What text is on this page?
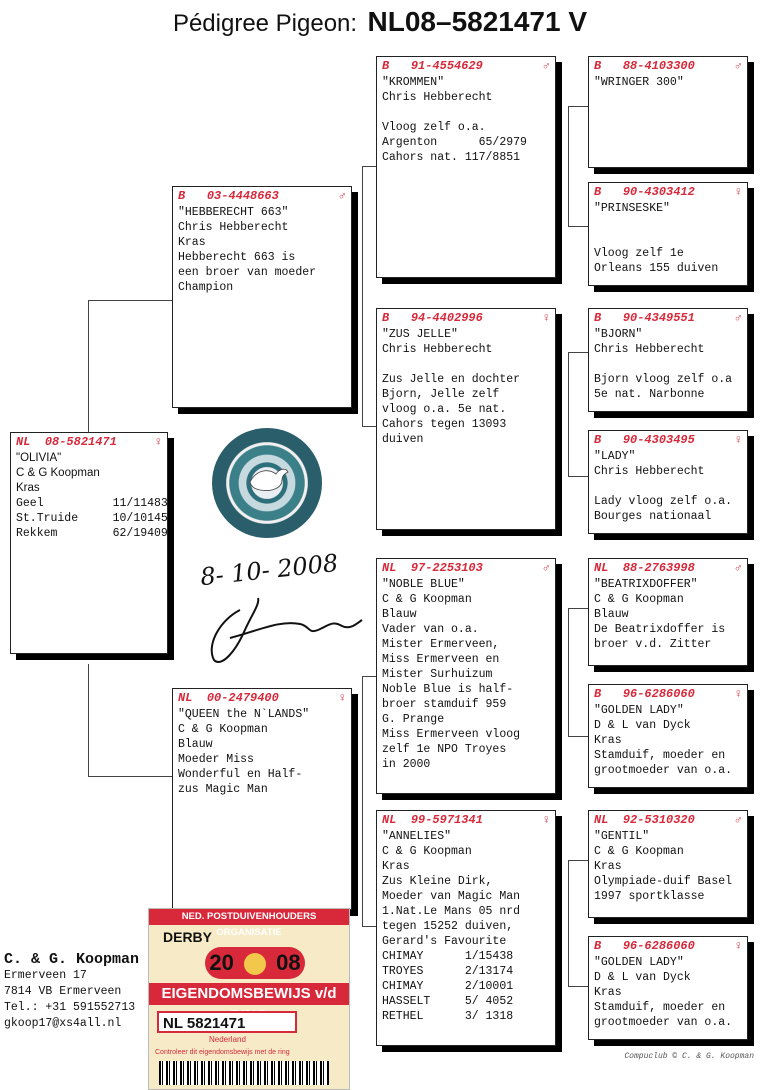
Pédigree Pigeon: NL08–5821471 V
NL 08-5821471	♀
"OLIVIA"
C & G Koopman
Kras
Geel          11/11483
St.Truide     10/10145
Rekkem        62/19409
B 03-4448663	♂
"HEBBERECHT 663"
Chris Hebberecht
Kras
Hebberecht 663 is
een broer van moeder
Champion
NL 00-2479400	♀
"QUEEN the N`LANDS"
C & G Koopman
Blauw
Moeder Miss
Wonderful en Half-
zus Magic Man
B 91-4554629	♂
"KROMMEN"
Chris Hebberecht
Vloog zelf o.a.
Argenton      65/2979
Cahors nat. 117/8851
B 94-4402996	♀
"ZUS JELLE"
Chris Hebberecht
Zus Jelle en dochter
Bjorn, Jelle zelf
vloog o.a. 5e nat.
Cahors tegen 13093
duiven
NL 97-2253103	♂
"NOBLE BLUE"
C & G Koopman
Blauw
Vader van o.a.
Mister Ermerveen,
Miss Ermerveen en
Mister Surhuizum
Noble Blue is half-
broer stamduif 959
G. Prange
Miss Ermerveen vloog
zelf 1e NPO Troyes
in 2000
NL 99-5971341	♀
"ANNELIES"
C & G Koopman
Kras
Zus Kleine Dirk,
Moeder van Magic Man
1.Nat.Le Mans 05 nrd
tegen 15252 duiven,
Gerard's Favourite
CHIMAY      1/15438
TROYES      2/13174
CHIMAY      2/10001
HASSELT     5/ 4052
RETHEL      3/ 1318
B 88-4103300	♂
"WRINGER 300"
B 90-4303412	♀
"PRINSESKE"
Vloog zelf 1e
Orleans 155 duiven
B 90-4349551	♂
"BJORN"
Chris Hebberecht
Bjorn vloog zelf o.a
5e nat. Narbonne
B 90-4303495	♀
"LADY"
Chris Hebberecht
Lady vloog zelf o.a.
Bourges nationaal
NL 88-2763998	♂
"BEATRIXDOFFER"
C & G Koopman
Blauw
De Beatrixdoffer is
broer v.d. Zitter
B 96-6286060	♀
"GOLDEN LADY"
D & L van Dyck
Kras
Stamduif, moeder en
grootmoeder van o.a.
NL 92-5310320	♂
"GENTIL"
C & G Koopman
Kras
Olympiade-duif Basel
1997 sportklasse
B 96-6286060	♀
"GOLDEN LADY"
D & L van Dyck
Kras
Stamduif, moeder en
grootmoeder van o.a.
8- 10- 2008
C. & G. Koopman
Ermerveen 17
7814 VB Ermerveen
Tel.: +31 591552713
gkoop17@xs4all.nl
NED. POSTDUIVENHOUDERS ORGANISATIE
DERBY
20 08
EIGENDOMSBEWIJS v/d
NL 5821471
Nederland
Controleer dit eigendomsbewijs met de ring	Compuclub © C. & G. Koopman
